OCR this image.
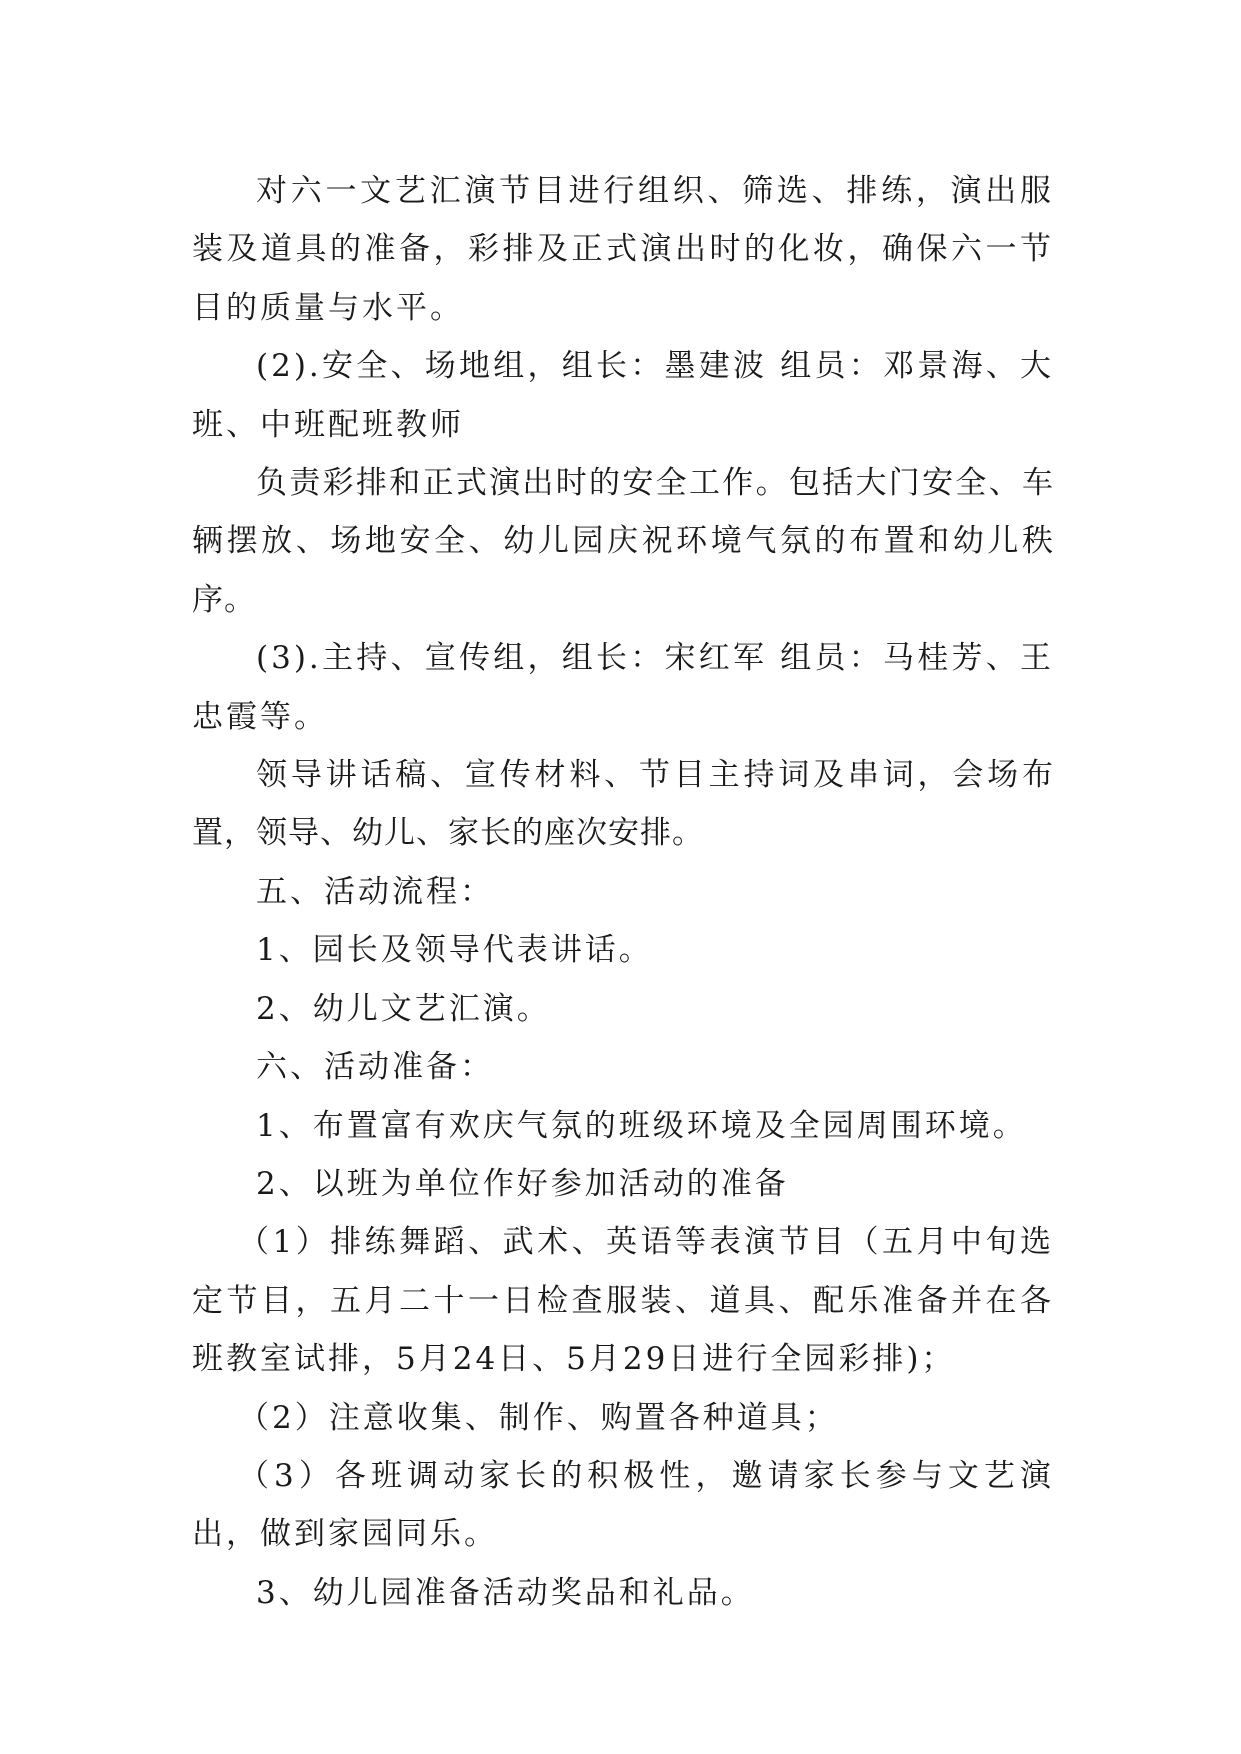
对六一文艺汇演节目进行组织、筛选、排练，演出服装及道具的准备，彩排及正式演出时的化妆，确保六一节目的质量与水平。

(2).安全、场地组，组长：墨建波 组员：邓景海、大班、中班配班教师

负责彩排和正式演出时的安全工作。包括大门安全、车辆摆放、场地安全、幼儿园庆祝环境气氛的布置和幼儿秩序。

(3).主持、宣传组，组长：宋红军 组员：马桂芳、王忠霞等。

领导讲话稿、宣传材料、节目主持词及串词，会场布置，领导、幼儿、家长的座次安排。

五、活动流程：

1、园长及领导代表讲话。

2、幼儿文艺汇演。

六、活动准备：

1、布置富有欢庆气氛的班级环境及全园周围环境。

2、以班为单位作好参加活动的准备

（1）排练舞蹈、武术、英语等表演节目（五月中旬选定节目，五月二十一日检查服装、道具、配乐准备并在各班教室试排，5月24日、5月29日进行全园彩排)；

（2）注意收集、制作、购置各种道具；

（3）各班调动家长的积极性，邀请家长参与文艺演出，做到家园同乐。

3、幼儿园准备活动奖品和礼品。
